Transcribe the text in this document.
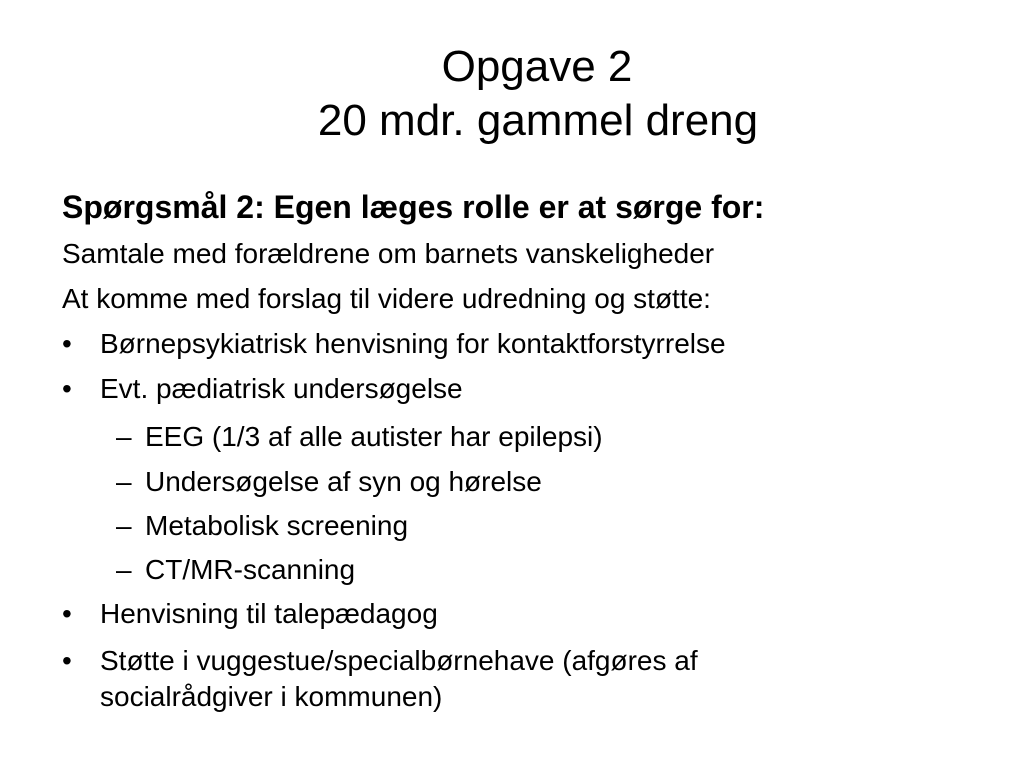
Opgave 2
20 mdr. gammel dreng
Spørgsmål 2: Egen læges rolle er at sørge for:
Samtale med forældrene om barnets vanskeligheder
At komme med forslag til videre udredning og støtte:
•	Børnepsykiatrisk henvisning for kontaktforstyrrelse
•	Evt. pædiatrisk undersøgelse
– EEG (1/3 af alle autister har epilepsi)
– Undersøgelse af syn og hørelse
– Metabolisk screening
– CT/MR-scanning
•	Henvisning til talepædagog
•	Støtte i vuggestue/specialbørnehave (afgøres af socialrådgiver i kommunen)
